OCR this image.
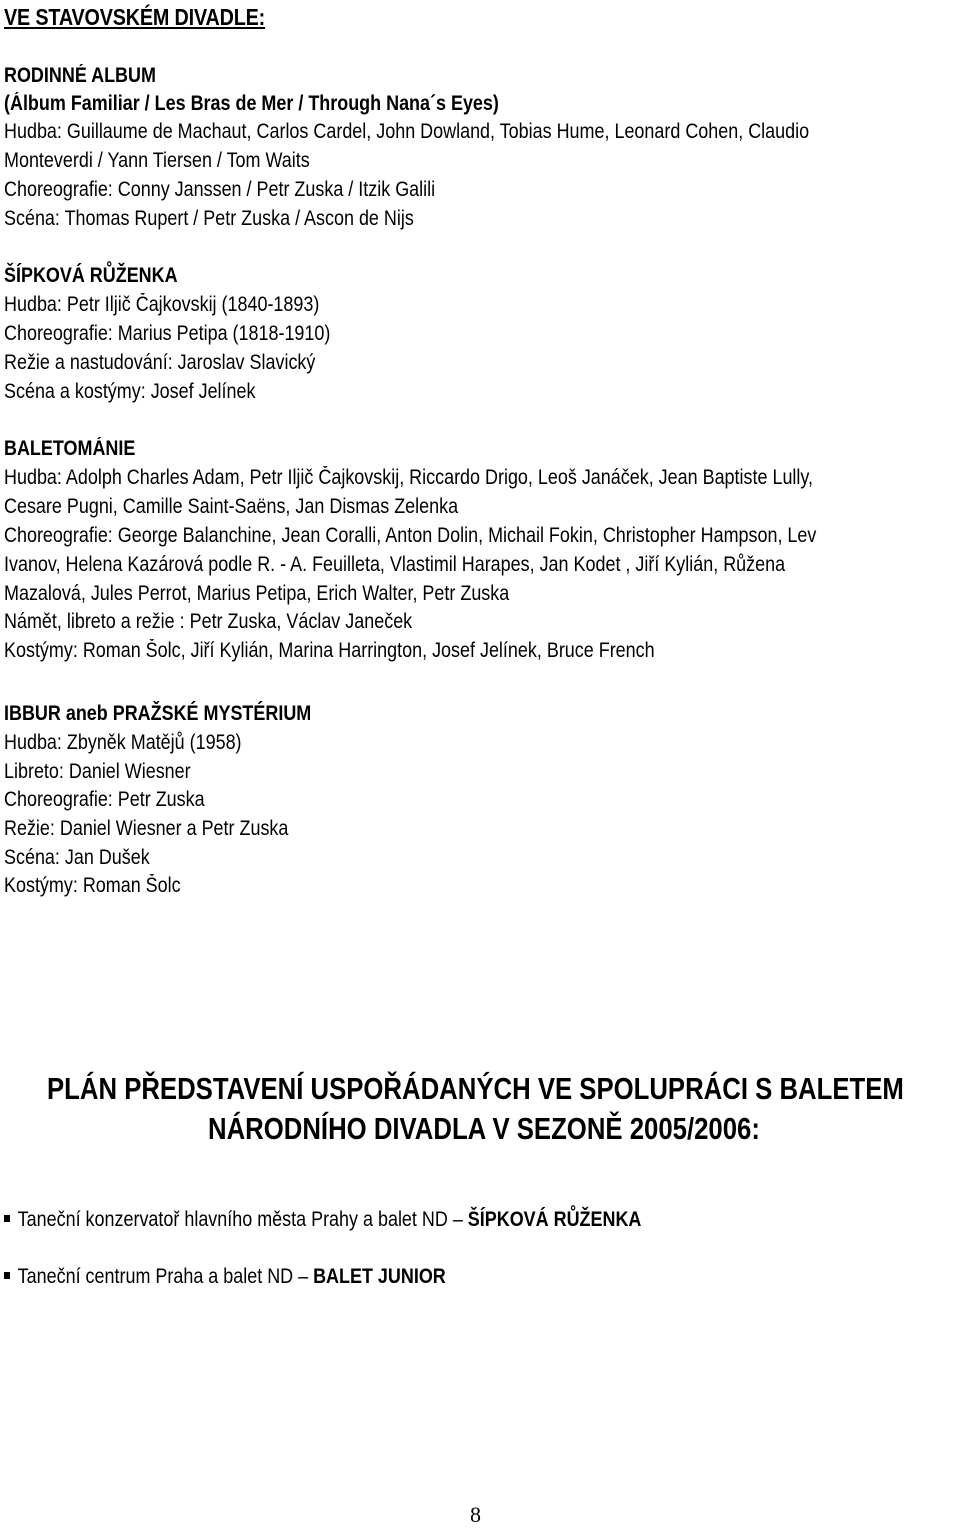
VE STAVOVSKÉM DIVADLE:

RODINNÉ ALBUM

(Álbum Familiar / Les Bras de Mer / Through Nana´s Eyes)

Hudba: Guillaume de Machaut, Carlos Cardel, John Dowland, Tobias Hume, Leonard Cohen, Claudio

Monteverdi / Yann Tiersen / Tom Waits

Choreografie: Conny Janssen / Petr Zuska / Itzik Galili

Scéna: Thomas Rupert / Petr Zuska / Ascon de Nijs

ŠÍPKOVÁ RŮŽENKA

Hudba: Petr Iljič Čajkovskij (1840-1893)

Choreografie: Marius Petipa (1818-1910)

Režie a nastudování: Jaroslav Slavický

Scéna a kostýmy: Josef Jelínek

BALETOMÁNIE

Hudba: Adolph Charles Adam, Petr Iljič Čajkovskij, Riccardo Drigo, Leoš Janáček, Jean Baptiste Lully,

Cesare Pugni, Camille Saint-Saëns, Jan Dismas Zelenka

Choreografie: George Balanchine, Jean Coralli, Anton Dolin, Michail Fokin, Christopher Hampson, Lev

Ivanov, Helena Kazárová podle R. - A. Feuilleta, Vlastimil Harapes, Jan Kodet , Jiří Kylián, Růžena

Mazalová, Jules Perrot, Marius Petipa, Erich Walter, Petr Zuska

Námět, libreto a režie : Petr Zuska, Václav Janeček

Kostýmy: Roman Šolc, Jiří Kylián, Marina Harrington, Josef Jelínek, Bruce French

IBBUR aneb PRAŽSKÉ MYSTÉRIUM

Hudba: Zbyněk Matějů (1958)

Libreto: Daniel Wiesner

Choreografie: Petr Zuska

Režie: Daniel Wiesner a Petr Zuska

Scéna: Jan Dušek

Kostýmy: Roman Šolc

PLÁN PŘEDSTAVENÍ USPOŘÁDANÝCH VE SPOLUPRÁCI S BALETEM
NÁRODNÍHO DIVADLA V SEZONĚ 2005/2006:

Taneční konzervatoř hlavního města Prahy a balet ND – ŠÍPKOVÁ RŮŽENKA

Taneční centrum Praha a balet ND – BALET JUNIOR

8
